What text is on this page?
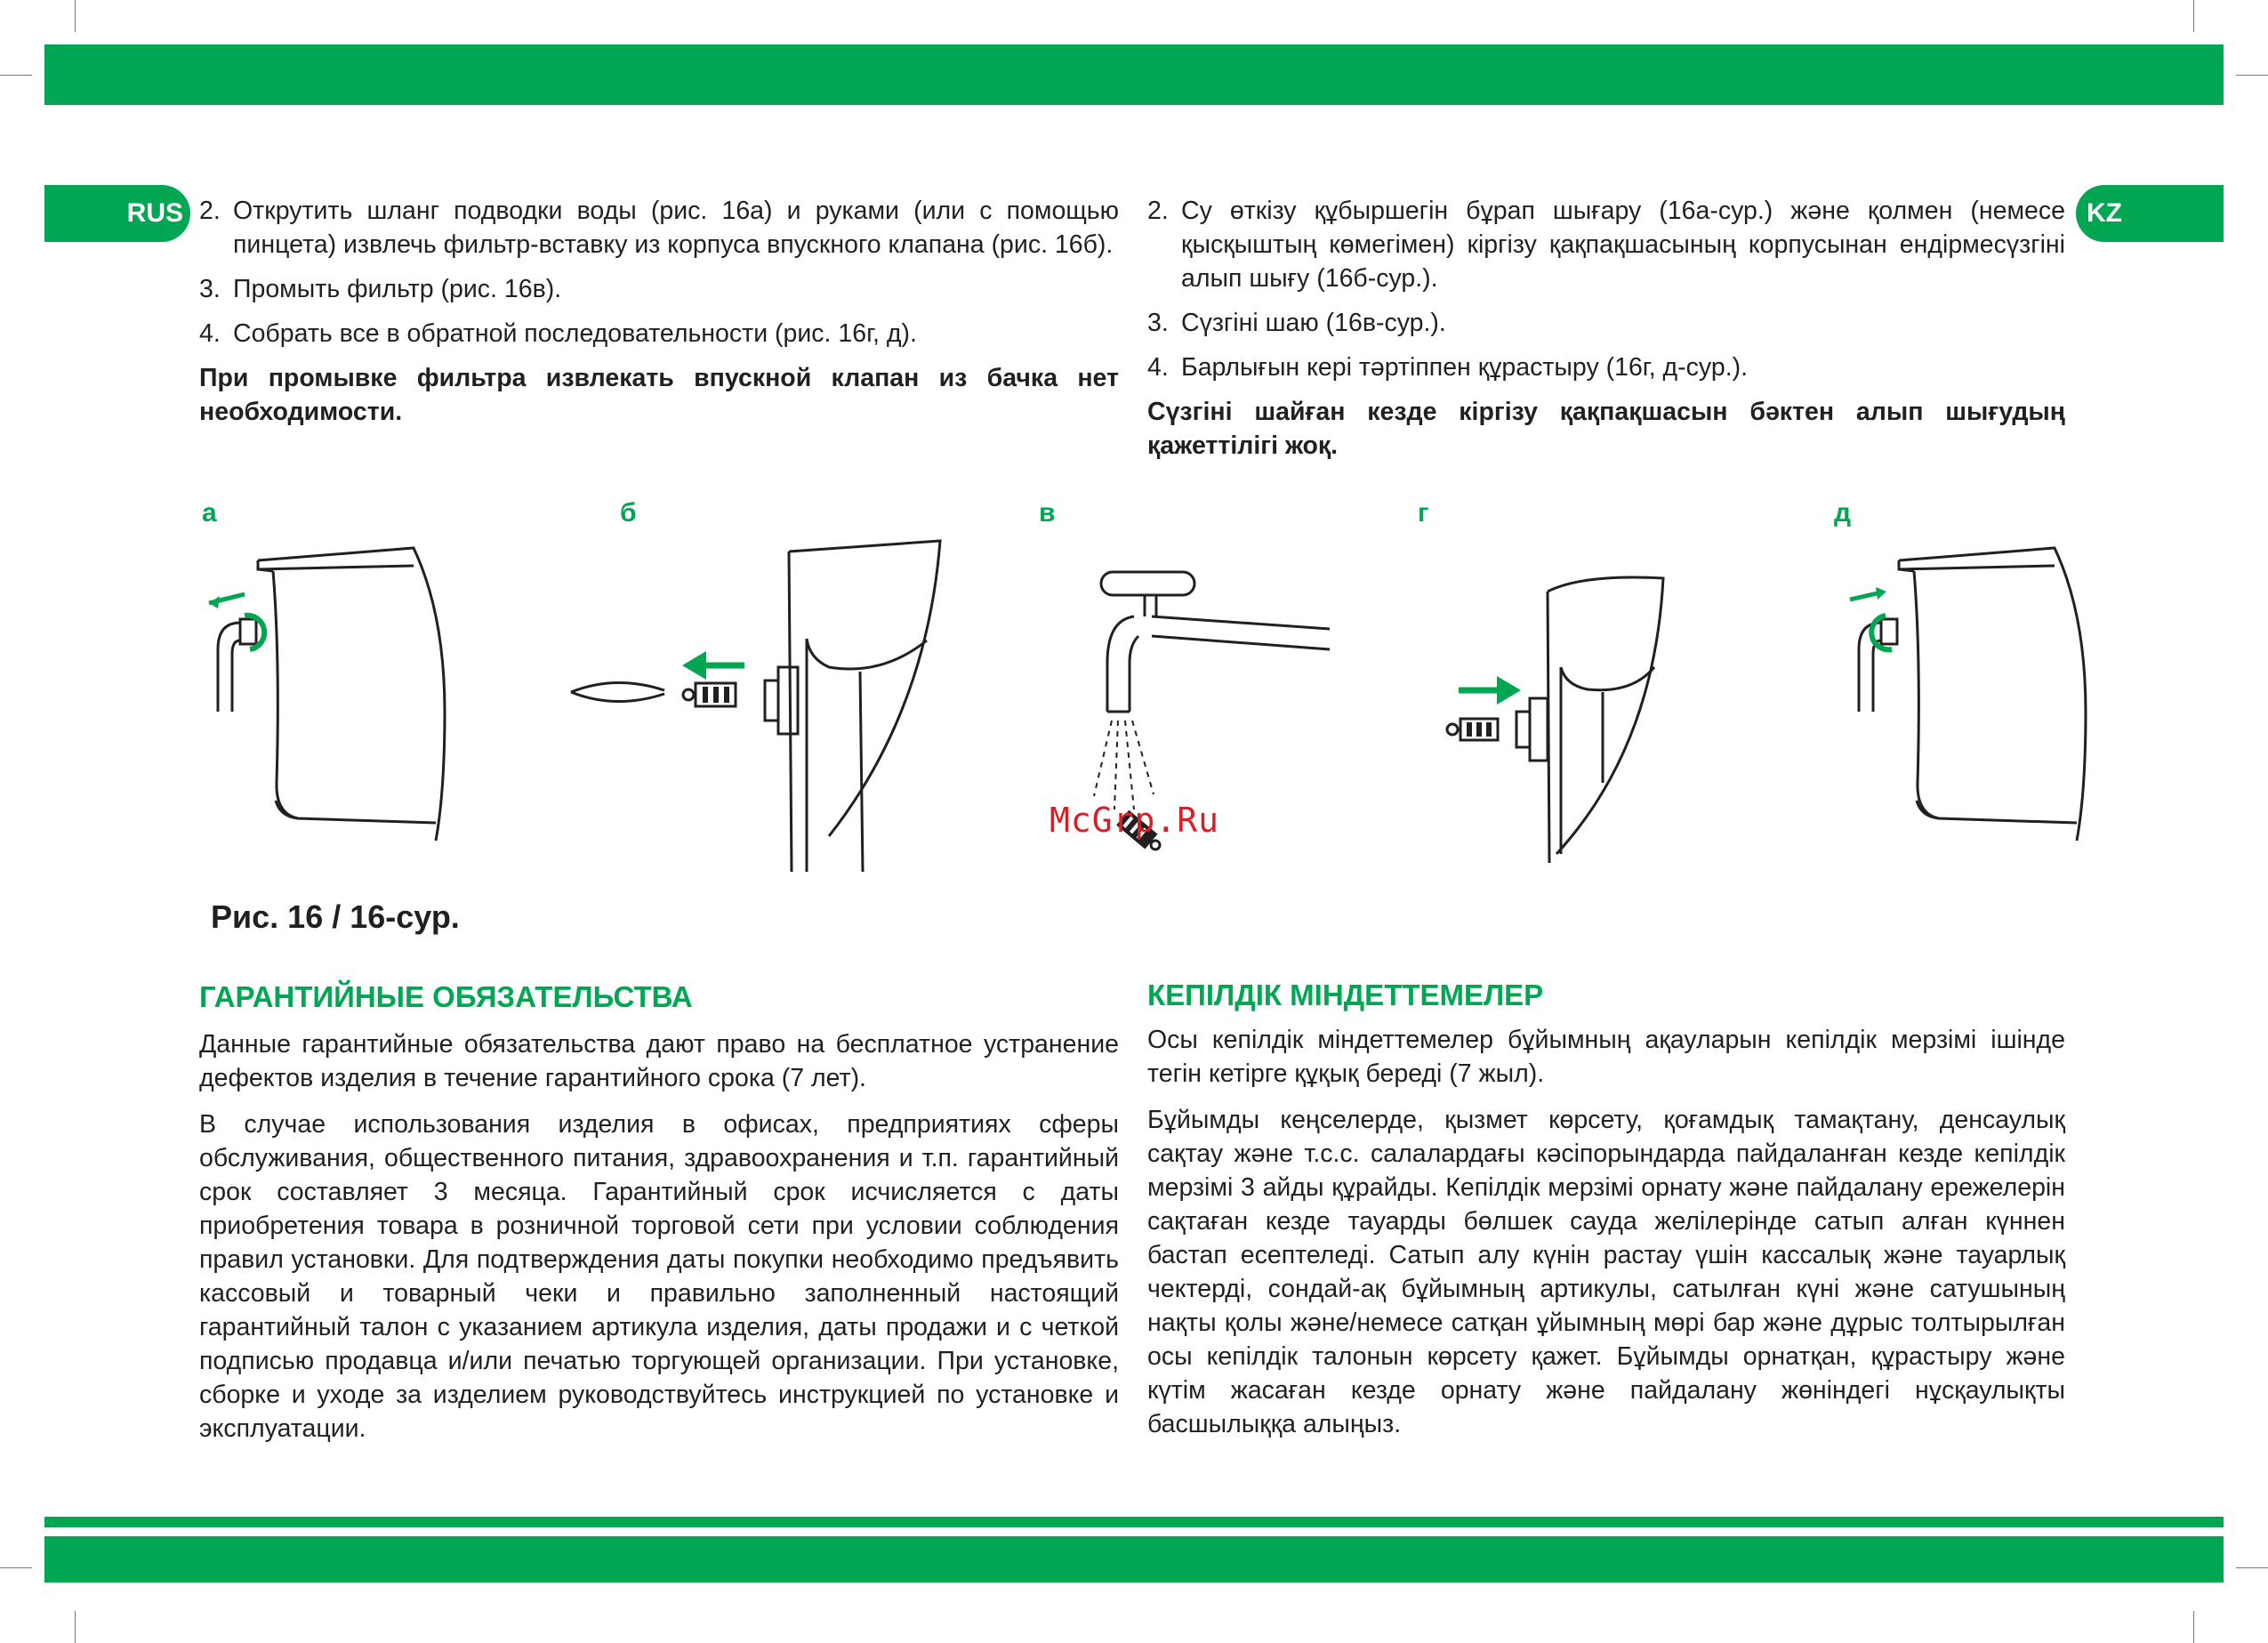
RUS	KZ
2. Открутить шланг подводки воды (рис. 16а) и руками (или с помощью пинцета) извлечь фильтр-вставку из корпуса впускного клапана (рис. 16б).
3. Промыть фильтр (рис. 16в).
4. Собрать все в обратной последовательности (рис. 16г, д).

При промывке фильтра извлекать впускной клапан из бачка нет необходимости.

2. Су өткізу құбыршегін бұрап шығару (16а-сур.) және қолмен (немесе қысқыштың көмегімен) кіргізу қақпақшасының корпусынан ендірмесүзгіні алып шығу (16б-сур.).
3. Сүзгіні шаю (16в-сур.).
4. Барлығын кері тәртіппен құрастыру (16г, д-сур.).

Сүзгіні шайған кезде кіргізу қақпақшасын бәктен алып шығудың қажеттілігі жоқ.

а	б	в	г	д
McGrp.Ru
Рис. 16 / 16-сур.
ГАРАНТИЙНЫЕ ОБЯЗАТЕЛЬСТВА

Данные гарантийные обязательства дают право на бесплатное устранение дефектов изделия в течение гарантийного срока (7 лет).

В случае использования изделия в офисах, предприятиях сферы обслуживания, общественного питания, здравоохранения и т.п. гарантийный срок составляет 3 месяца. Гарантийный срок исчисляется с даты приобретения товара в розничной торговой сети при условии соблюдения правил установки. Для подтверждения даты покупки необходимо предъявить кассовый и товарный чеки и правильно заполненный настоящий гарантийный талон с указанием артикула изделия, даты продажи и с четкой подписью продавца и/или печатью торгующей организации. При установке, сборке и уходе за изделием руководствуйтесь инструкцией по установке и эксплуатации.

КЕПІЛДІК МІНДЕТТЕМЕЛЕР

Осы кепілдік міндеттемелер бұйымның ақауларын кепілдік мерзімі ішінде тегін кетірге құқық береді (7 жыл).

Бұйымды кеңселерде, қызмет көрсету, қоғамдық тамақтану, денсаулық сақтау және т.с.с. салалардағы кәсіпорындарда пайдаланған кезде кепілдік мерзімі 3 айды құрайды. Кепілдік мерзімі орнату және пайдалану ережелерін сақтаған кезде тауарды бөлшек сауда желілерінде сатып алған күннен бастап есептеледі. Сатып алу күнін растау үшін кассалық және тауарлық чектерді, сондай-ақ бұйымның артикулы, сатылған күні және сатушының нақты қолы және/немесе сатқан ұйымның мөрі бар және дұрыс толтырылған осы кепілдік талонын көрсету қажет. Бұйымды орнатқан, құрастыру және күтім жасаған кезде орнату және пайдалану жөніндегі нұсқаулықты басшылыққа алыңыз.
